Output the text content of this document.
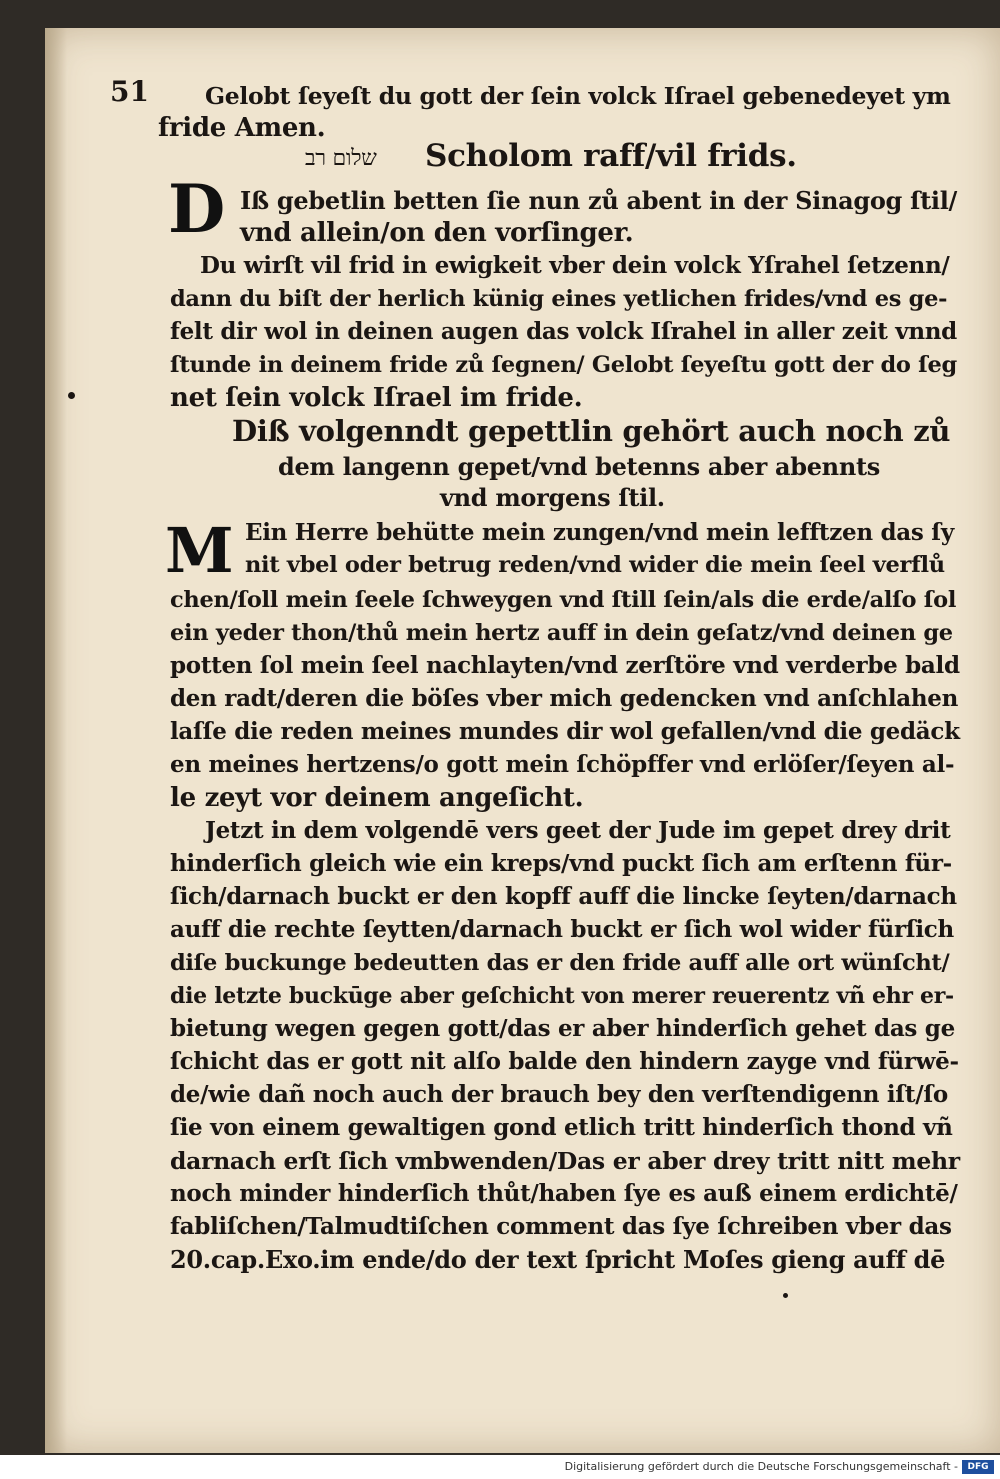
51 Gelobt ſeyeſt du gott der ſein volck Iſrael gebenedeyet ym
fride Amen.
שלום רב Scholom raff/vil frids.
D Iß gebetlin betten ſie nun zů abent in der Sinagog ſtil/
vnd allein/on den vorſinger.
Du wirſt vil frid in ewigkeit vber dein volck Yſrahel ſetzenn/
dann du biſt der herlich künig eines yetlichen frides/vnd es ge-
felt dir wol in deinen augen das volck Iſrahel in aller zeit vnnd
ſtunde in deinem fride zů ſegnen/ Gelobt ſeyeſtu gott der do ſeg
net ſein volck Iſrael im fride.
Diß volgenndt gepettlin gehört auch noch zů
dem langenn gepet/vnd betenns aber abennts
vnd morgens ſtil.
M Ein Herre behütte mein zungen/vnd mein lefftzen das ſy
nit vbel oder betrug reden/vnd wider die mein ſeel verflů
chen/ſoll mein ſeele ſchweygen vnd ſtill ſein/als die erde/alſo ſol
ein yeder thon/thů mein hertz auff in dein geſatz/vnd deinen ge
potten ſol mein ſeel nachlayten/vnd zerſtöre vnd verderbe bald
den radt/deren die böſes vber mich gedencken vnd anſchlahen
laſſe die reden meines mundes dir wol gefallen/vnd die gedäck
en meines hertzens/o gott mein ſchöpffer vnd erlöſer/ſeyen al-
le zeyt vor deinem angeſicht.
Jetzt in dem volgendē vers geet der Jude im gepet drey drit
hinderſich gleich wie ein kreps/vnd puckt ſich am erſtenn für-
ſich/darnach buckt er den kopff auff die lincke ſeyten/darnach
auff die rechte ſeytten/darnach buckt er ſich wol wider fürſich
diſe buckunge bedeutten das er den fride auff alle ort wünſcht/
die letzte buckūge aber geſchicht von merer reuerentz vñ ehr er-
bietung wegen gegen gott/das er aber hinderſich gehet das ge
ſchicht das er gott nit alſo balde den hindern zayge vnd fürwē-
de/wie dañ noch auch der brauch bey den verſtendigenn iſt/ſo
ſie von einem gewaltigen gond etlich tritt hinderſich thond vñ
darnach erſt ſich vmbwenden/Das er aber drey tritt nitt mehr
noch minder hinderſich thůt/haben ſye es auß einem erdichtē/
fabliſchen/Talmudtiſchen comment das ſye ſchreiben vber das
20.cap.Exo.im ende/do der text ſpricht Moſes gieng auff dē
Digitalisierung gefördert durch die Deutsche Forschungsgemeinschaft -	DFG
